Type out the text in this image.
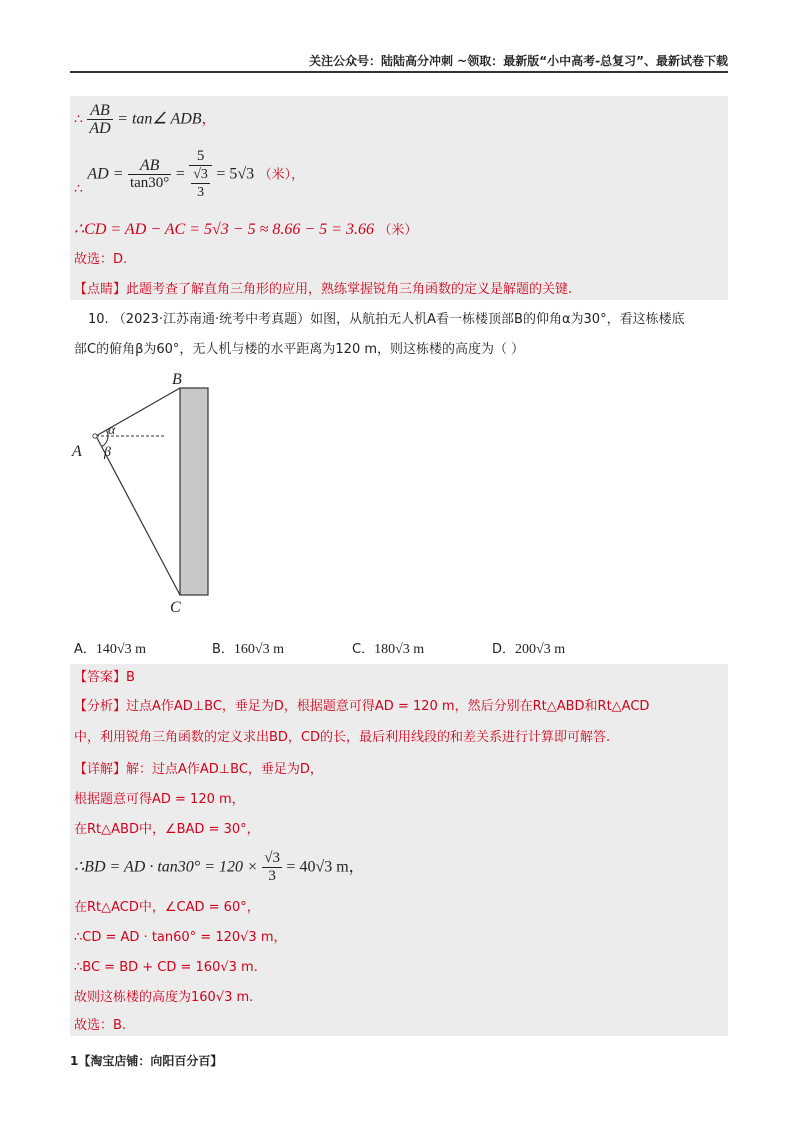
关注公众号：陆陆高分冲刺 ~领取：最新版“小中高考-总复习”、最新试卷下载
∴ $\frac{AB}{AD}$ = tan∠ ADB，
∴ AD = $\frac{AB}{\tan 30^\circ} = \frac{5}{\frac{√3}{3}} = 5√3$ （米），
∴CD = AD − AC = 5√3 − 5 ≈ 8.66 − 5 = 3.66 （米）
故选：D.
【点睛】此题考查了解直角三角形的应用，熟练掌握锐角三角函数的定义是解题的关键.
10. （2023·江苏南通·统考中考真题）如图，从航拍无人机A看一栋楼顶部B的仰角α为30°，看这栋楼底
部C的俯角β为60°，无人机与楼的水平距离为120 m，则这栋楼的高度为（ ）
B
A
C
α
β
A．140√3 m	B．160√3 m	C．180√3 m	D．200√3 m
【答案】B
【分析】过点A作AD⊥BC，垂足为D，根据题意可得AD = 120 m，然后分别在Rt△ABD和Rt△ACD
中，利用锐角三角函数的定义求出BD，CD的长，最后利用线段的和差关系进行计算即可解答.
【详解】解：过点A作AD⊥BC，垂足为D，
根据题意可得AD = 120 m，
在Rt△ABD中，∠BAD = 30°，
∴BD = AD · $\tan 30^\circ = 120 \times \frac{√3}{3} = 40√3$ m，
在Rt△ACD中，∠CAD = 60°，
∴CD = AD · tan60° = 120√3 m，
∴BC = BD + CD = 160√3 m.
故则这栋楼的高度为160√3 m.
故选：B.
1【淘宝店铺：向阳百分百】
